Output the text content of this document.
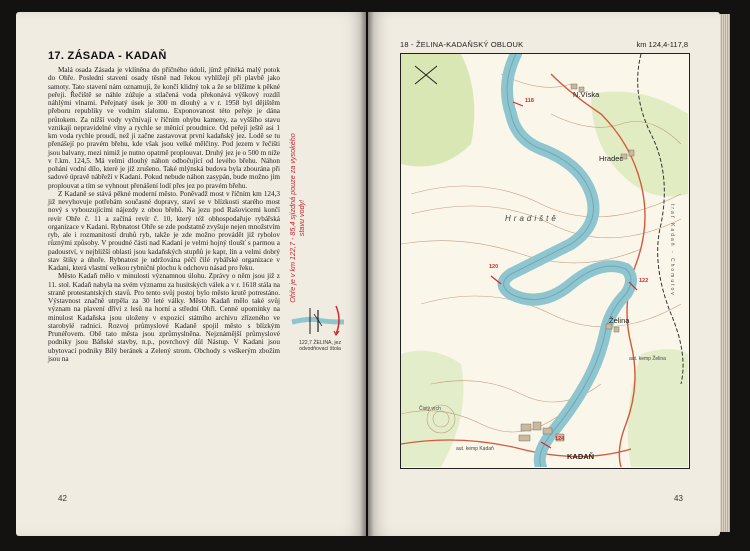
17. ZÁSADA - KADAŇ

Malá osada Zásada je vklíněna do příčného údolí, jímž přitéká malý potok do Ohře. Poslední stavení osady těsně nad řekou vyhlížejí při plavbě jako samoty. Tato stavení nám oznamují, že končí klidný tok a že se blížíme k pěkné peřeji. Řečiště se náhle zúžuje a stlačená voda překonává výškový rozdíl náhlými vlnami. Peřejnatý úsek je 300 m dlouhý a v r. 1958 byl dějištěm přeboru republiky ve vodním slalomu. Exponovanost této peřeje je dána průtokem. Za nižší vody vyčnívají v říčním ohybu kameny, za vyššího stavu vznikají nepravidelné vlny a rychle se měnící proudnice. Od peřejí ještě asi 1 km voda rychle proudí, než ji začne zastavovat první kadaňský jez. Lodě se tu přenášejí po pravém břehu, kde však jsou velké mělčiny. Pod jezem v řečišti jsou balvany, mezi nimiž je nutno opatrně proplouvat. Druhý jez je o 500 m níže v ř.km. 124,5. Má velmi dlouhý náhon odbočující od levého břehu. Náhon pohání vodní dílo, které je již zrušeno. Také mlýnská budova byla zbourána při sadové úpravě nábřeží v Kadani. Pokud nebude náhon zasypán, bude možno jím proplouvat a tím se vyhnout přenášení lodí přes jez po pravém břehu.

Z Kadaně se stává pěkné moderní město. Poněvadž most v říčním km 124,3 již nevyhovuje potřebám současné dopravy, staví se v blízkosti starého most nový s vybouzujícími nájezdy z obou břehů. Na jezu pod Rašovicemi končí revír Ohře č. 11 a začíná revír č. 10, který též obhospodařuje rybářská organizace v Kadani. Rybnatost Ohře se zde podstatně zvyšuje nejen množstvím ryb, ale i rozmanitostí druhů ryb, takže je zde možno provádět již rybolov různými způsoby. V proudné části nad Kadaní je velmi hojný tloušť s parmou a padouství, v nejbližší oblasti jsou kadaňských stupňů je kapr, lín a velmi dobrý stav štiky a úhoře. Rybnatost je udržována péčí čilé rybářské organizace v Kadani, která vlastní velkou rybniční plochu k odchovu násad pro řeku.

Město Kadaň mělo v minulosti významnou úlohu. Zprávy o něm jsou již z 11. stol. Kadaň nabyla na svém významu za husitských válek a v r. 1618 stála na straně protestantských stavů. Pro tento svůj postoj bylo město krutě potrestáno. Výstavnost značně utrpěla za 30 leté války. Město Kadaň mělo také svůj význam na plavení dříví z lesů na horní a střední Ohři. Cenné upomínky na minulost Kadaňska jsou uloženy v expozici státního archivu zřízeného ve starobylé radnici. Rozvoj průmyslové Kadaně spojil město s blízkým Prunéřovem. Obě tato města jsou zprůmyslněna. Nejznámější průmyslové podniky jsou Báňské stavby, n.p., povrchový důl Nástup. V Kadani jsou ubytovací podniky Bílý beránek a Zelený strom. Obchody s veškerým zbožím jsou na

Ohře je v km 122,7 - 85,4 sjízdná pouze za vysokého stavu vody!
122,7 ŽELINA, jez odvodňovací štola
42
18 - ŽELINA-KADAŇSKÝ OBLOUK	km 124,4-117,8
N.Víska
Hradec
Hradiště
Želina
KADAŇ
Čistý vrch
aut. kemp Želina
aut. kemp Kadaň
118
120
122
124
trať Kadaň - Chomutov
43
